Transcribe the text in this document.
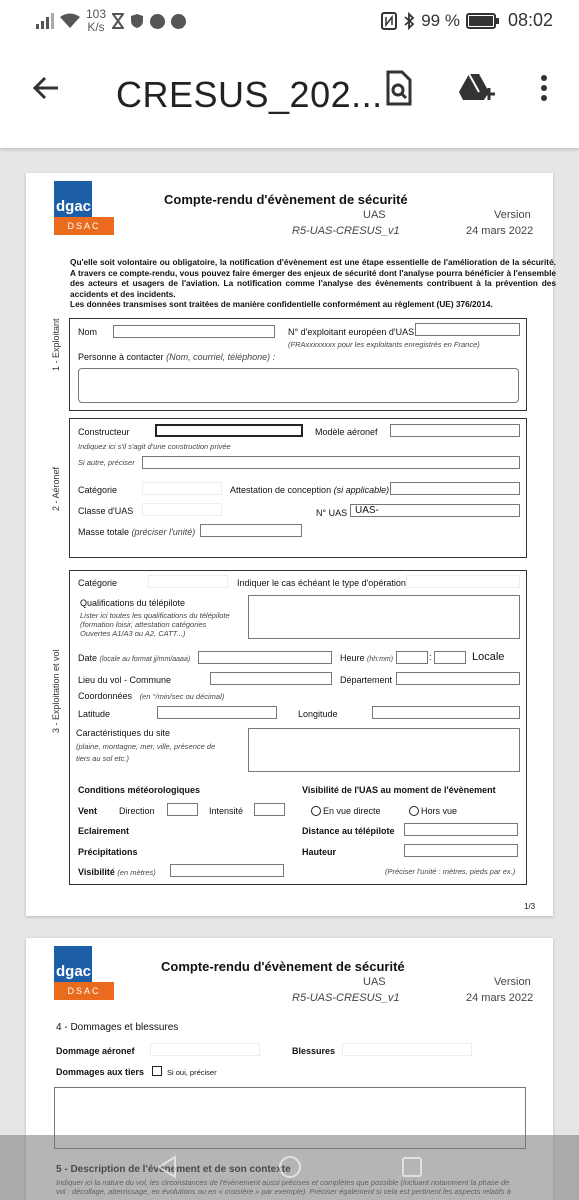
103
K/s	99 %	08:02
CRESUS_202...
dgac
DSAC
Compte-rendu d'évènement de sécurité
UAS	Version
R5-UAS-CRESUS_v1	24 mars 2022
Qu'elle soit volontaire ou obligatoire, la notification d'évènement est une étape essentielle de l'amélioration de la sécurité. A travers ce compte-rendu, vous pouvez faire émerger des enjeux de sécurité dont l'analyse pourra bénéficier à l'ensemble des acteurs et usagers de l'aviation. La notification comme l'analyse des évènements contribuent à la prévention des accidents et des incidents.
Les données transmises sont traitées de manière confidentielle conformément au règlement (UE) 376/2014.
1 - Exploitant Nom	N° d'exploitant européen d'UAS
(FRAxxxxxxxx pour les exploitants enregistrés en France)
Personne à contacter (Nom, courriel, téléphone) :
2 - Aéronef
Constructeur	Modèle aéronef
Indiquez ici s'il s'agit d'une construction privée
Si autre, préciser
Catégorie	Attestation de conception (si applicable)
Classe d'UAS	N° UAS UAS-
Masse totale (préciser l'unité)
3 - Exploitation et vol
Catégorie	Indiquer le cas échéant le type d'opération
Qualifications du télépilote
Lister ici toutes les qualifications du télépilote
(formation loisir, attestation catégories
Ouvertes A1/A3 ou A2, CATT...)
Date (locale au format jj/mm/aaaa)	Heure (hh:mm)	:	Locale
Lieu du vol - Commune	Département
Coordonnées (en °/min/sec ou décimal)
Latitude	Longitude
Caractéristiques du site
(plaine, montagne, mer, ville, présence de
tiers au sol etc.)
Conditions météorologiques	Visibilité de l'UAS au moment de l'évènement
Vent Direction	Intensité	En vue directe	Hors vue
Eclairement	Distance au télépilote
Précipitations	Hauteur
Visibilité (en mètres)	(Préciser l'unité : mètres, pieds par ex.)
1/3
dgac
DSAC
Compte-rendu d'évènement de sécurité
UAS	Version
R5-UAS-CRESUS_v1	24 mars 2022
4 - Dommages et blessures
Dommage aéronef	Blessures
Dommages aux tiers	Si oui, préciser
